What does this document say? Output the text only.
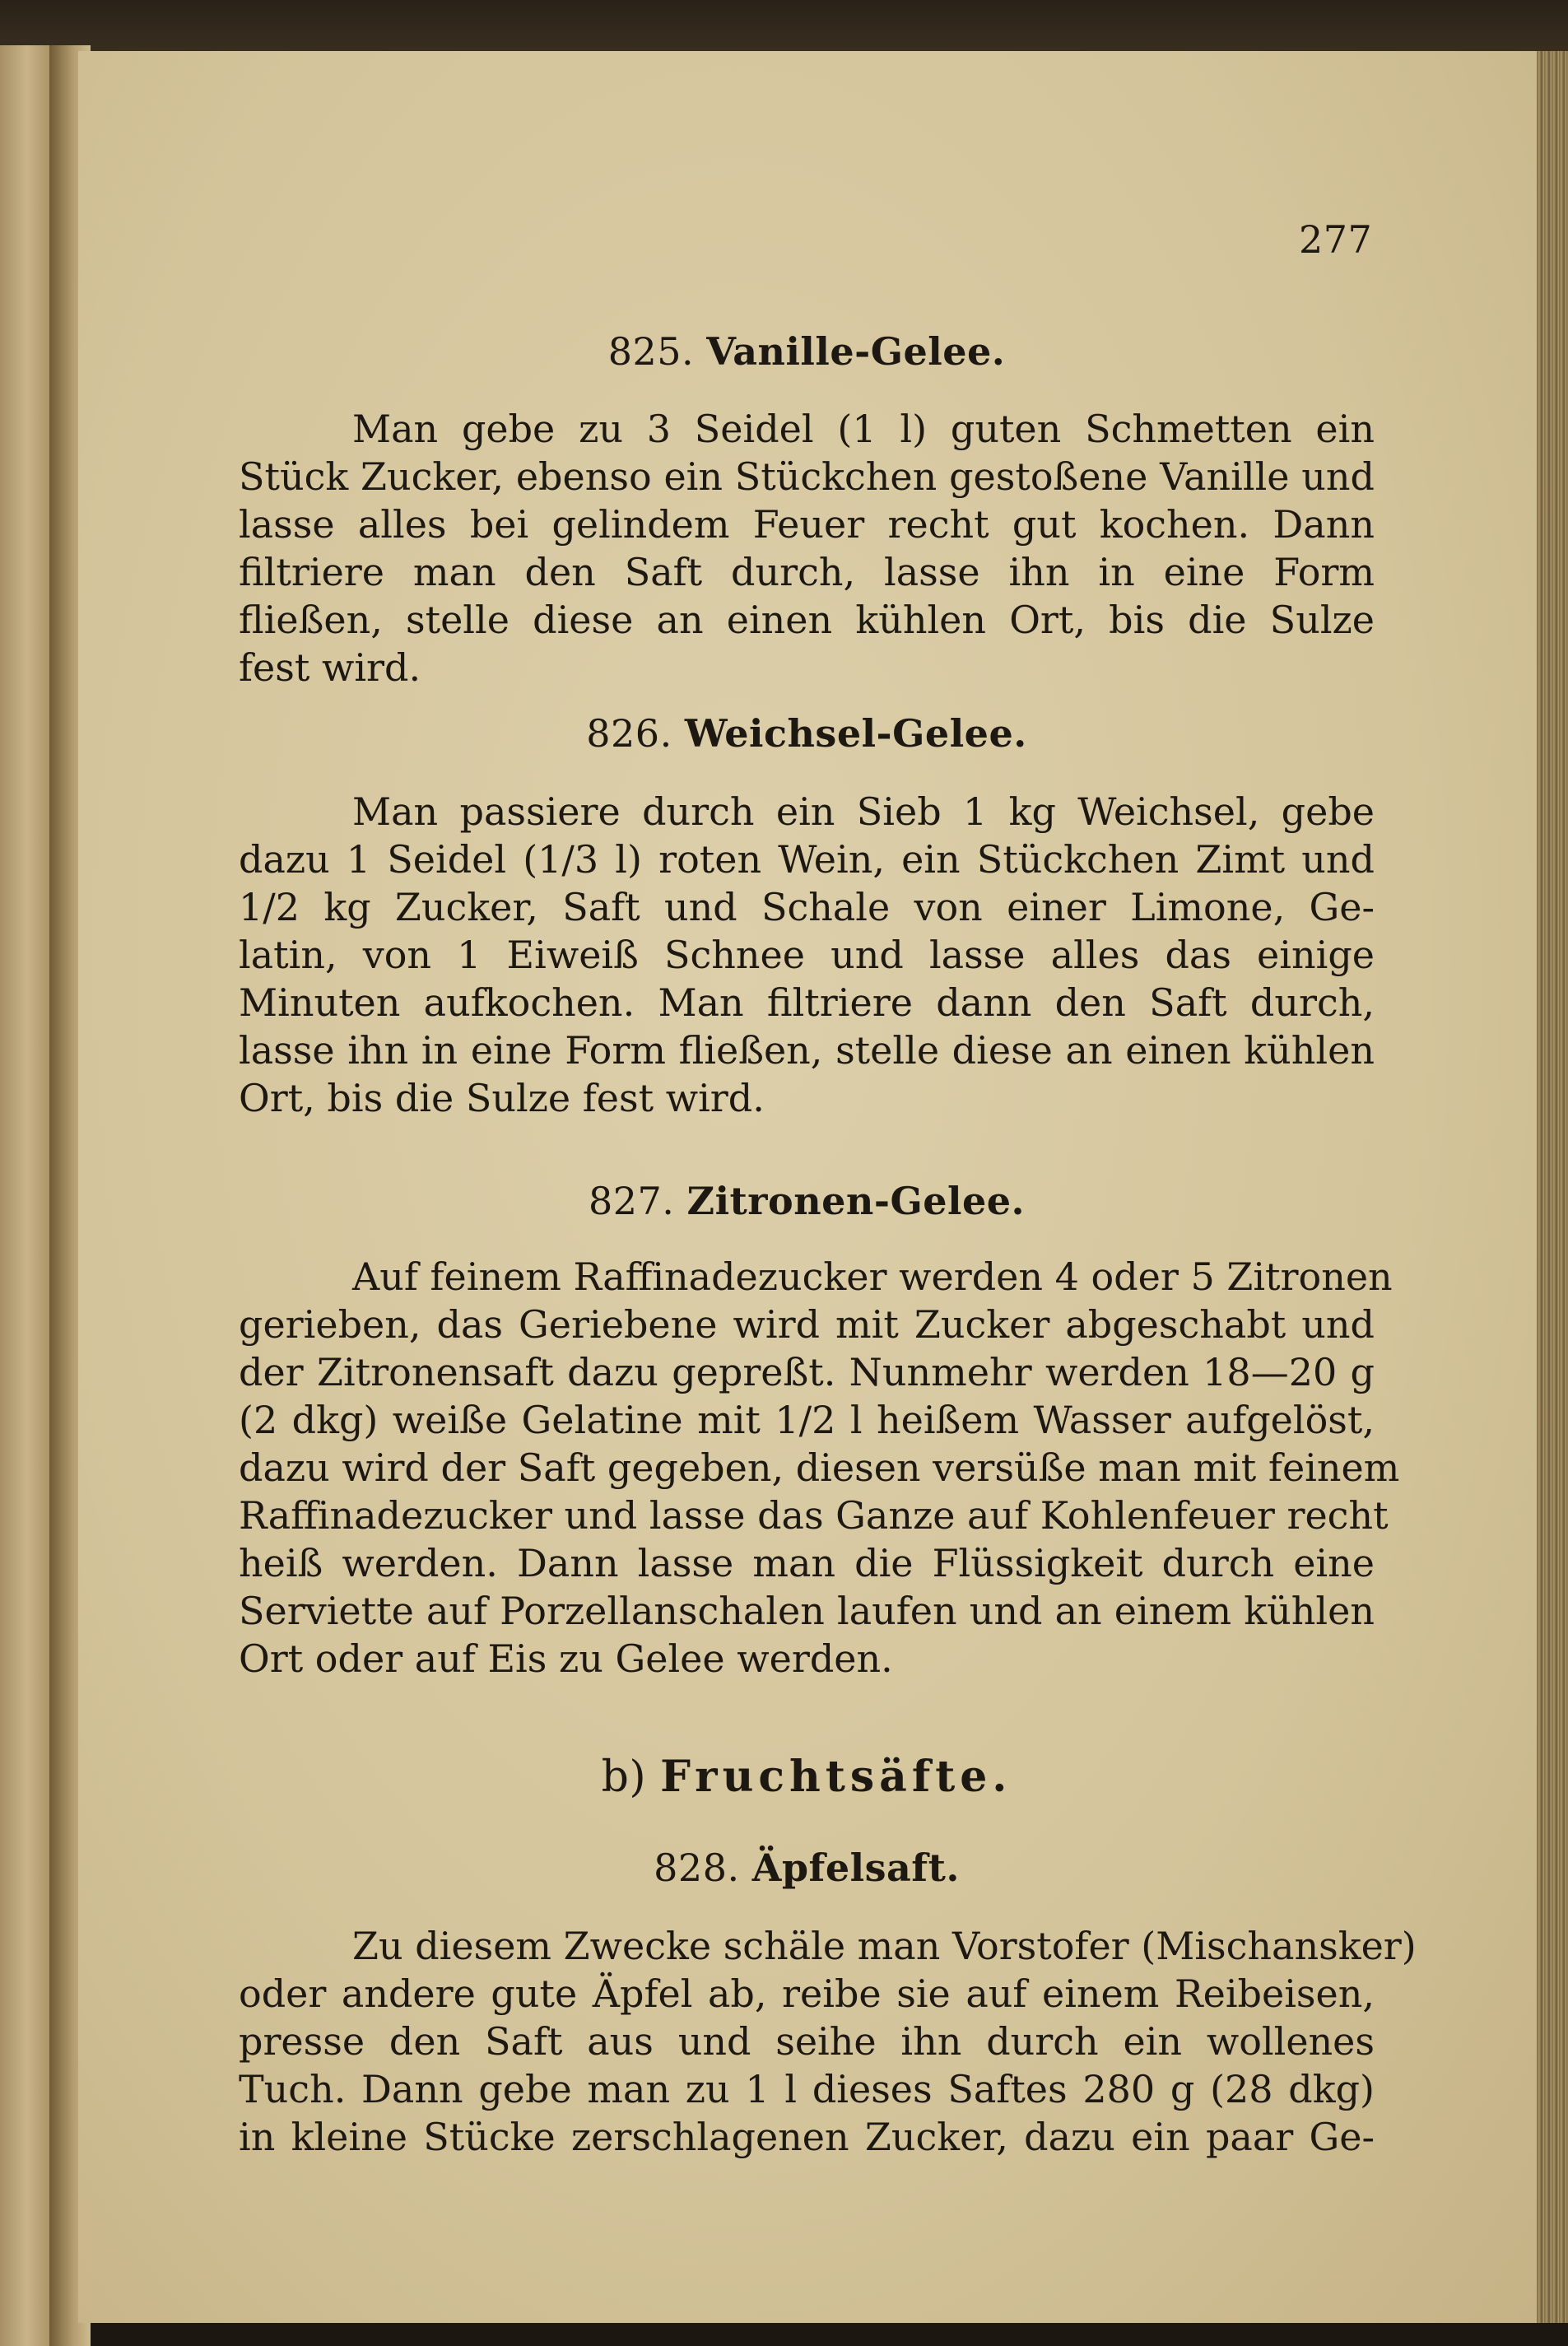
277
825. Vanille-Gelee.
Man gebe zu 3 Seidel (1 l) guten Schmetten ein
Stück Zucker, ebenso ein Stückchen gestoßene Vanille und
lasse alles bei gelindem Feuer recht gut kochen. Dann
filtriere man den Saft durch, lasse ihn in eine Form
fließen, stelle diese an einen kühlen Ort, bis die Sulze
fest wird.
826. Weichsel-Gelee.
Man passiere durch ein Sieb 1 kg Weichsel, gebe
dazu 1 Seidel (1/3 l) roten Wein, ein Stückchen Zimt und
1/2 kg Zucker, Saft und Schale von einer Limone, Ge-
latin, von 1 Eiweiß Schnee und lasse alles das einige
Minuten aufkochen. Man filtriere dann den Saft durch,
lasse ihn in eine Form fließen, stelle diese an einen kühlen
Ort, bis die Sulze fest wird.
827. Zitronen-Gelee.
Auf feinem Raffinadezucker werden 4 oder 5 Zitronen
gerieben, das Geriebene wird mit Zucker abgeschabt und
der Zitronensaft dazu gepreßt. Nunmehr werden 18—20 g
(2 dkg) weiße Gelatine mit 1/2 l heißem Wasser aufgelöst,
dazu wird der Saft gegeben, diesen versüße man mit feinem
Raffinadezucker und lasse das Ganze auf Kohlenfeuer recht
heiß werden. Dann lasse man die Flüssigkeit durch eine
Serviette auf Porzellanschalen laufen und an einem kühlen
Ort oder auf Eis zu Gelee werden.
b) Fruchtsäfte.
828. Äpfelsaft.
Zu diesem Zwecke schäle man Vorstofer (Mischansker)
oder andere gute Äpfel ab, reibe sie auf einem Reibeisen,
presse den Saft aus und seihe ihn durch ein wollenes
Tuch. Dann gebe man zu 1 l dieses Saftes 280 g (28 dkg)
in kleine Stücke zerschlagenen Zucker, dazu ein paar Ge-
